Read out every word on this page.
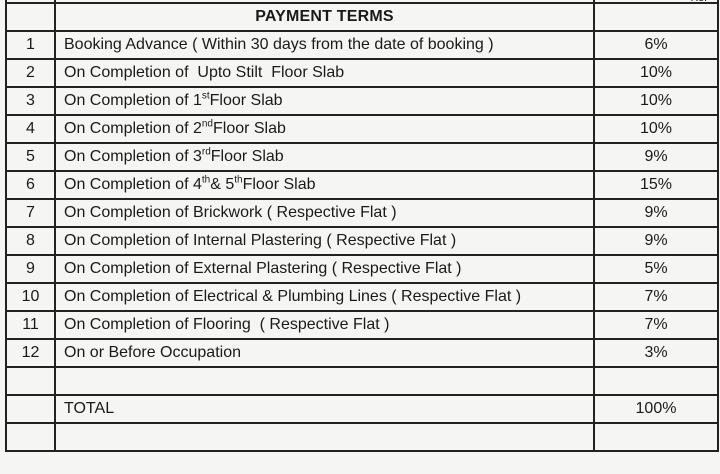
	PAYMENT TERMS	
1	Booking Advance ( Within 30 days from the date of booking )	6%
2	On Completion of  Upto Stilt  Floor Slab	10%
3	On Completion of 1stFloor Slab	10%
4	On Completion of 2ndFloor Slab	10%
5	On Completion of 3rdFloor Slab	9%
6	On Completion of 4th& 5thFloor Slab	15%
7	On Completion of Brickwork ( Respective Flat )	9%
8	On Completion of Internal Plastering ( Respective Flat )	9%
9	On Completion of External Plastering ( Respective Flat )	5%
10	On Completion of Electrical & Plumbing Lines ( Respective Flat )	7%
11	On Completion of Flooring  ( Respective Flat )	7%
12	On or Before Occupation	3%

	TOTAL	100%
